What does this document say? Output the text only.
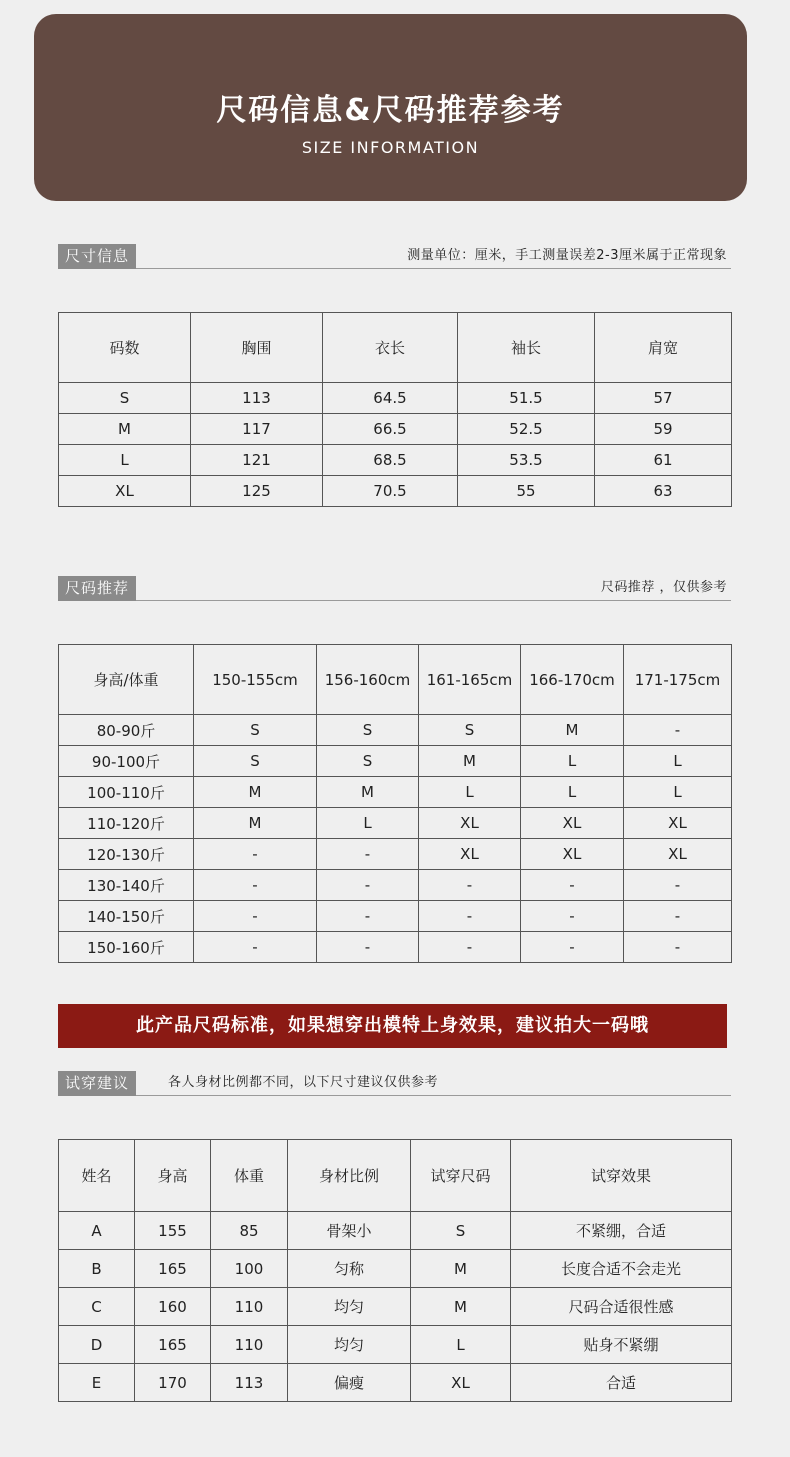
尺码信息&尺码推荐参考
SIZE INFORMATION
尺寸信息	测量单位：厘米，手工测量误差2-3厘米属于正常现象
码数	胸围	衣长	袖长	肩宽
S	113	64.5	51.5	57
M	117	66.5	52.5	59
L	121	68.5	53.5	61
XL	125	70.5	55	63
尺码推荐	尺码推荐 ，仅供参考
身高/体重	150-155cm	156-160cm	161-165cm	166-170cm	171-175cm
80-90斤	S	S	S	M	-
90-100斤	S	S	M	L	L
100-110斤	M	M	L	L	L
110-120斤	M	L	XL	XL	XL
120-130斤	-	-	XL	XL	XL
130-140斤	-	-	-	-	-
140-150斤	-	-	-	-	-
150-160斤	-	-	-	-	-
此产品尺码标准，如果想穿出模特上身效果，建议拍大一码哦
试穿建议	各人身材比例都不同，以下尺寸建议仅供参考
姓名	身高	体重	身材比例	试穿尺码	试穿效果
A	155	85	骨架小	S	不紧绷，合适
B	165	100	匀称	M	长度合适不会走光
C	160	110	均匀	M	尺码合适很性感
D	165	110	均匀	L	贴身不紧绷
E	170	113	偏瘦	XL	合适
